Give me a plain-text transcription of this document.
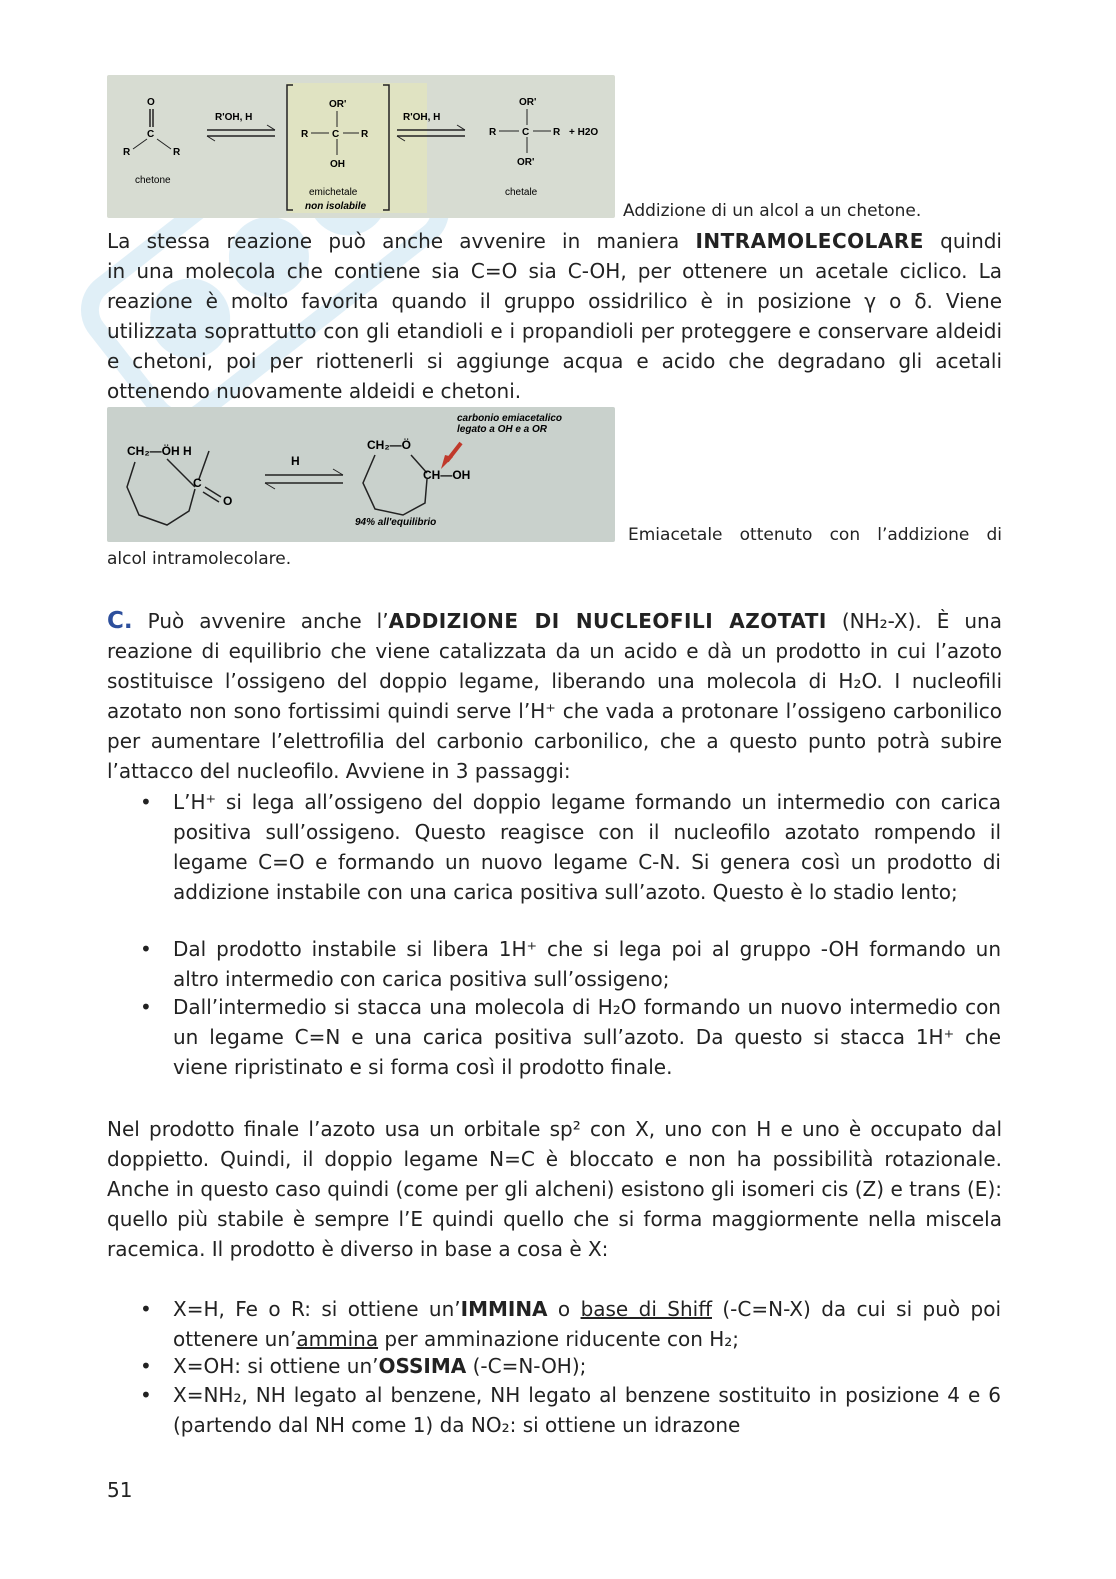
O
C
R	R
chetone
R'OH, H
OR'
C
R	R
OH
emichetale
non isolabile
R'OH, H
OR'
C
R	R
OR'
+ H2O
chetale
Addizione di un alcol a un chetone.
La stessa reazione può anche avvenire in maniera INTRAMOLECOLARE quindi
in una molecola che contiene sia C=O sia C-OH, per ottenere un acetale ciclico. La reazione è molto favorita quando il gruppo ossidrilico è in posizione γ o δ. Viene utilizzata soprattutto con gli etandioli e i propandioli per proteggere e conservare aldeidi e chetoni, poi per riottenerli si aggiunge acqua e acido che degradano gli acetali ottenendo nuovamente aldeidi e chetoni.
CH₂—ÖH H
C
O
H
CH₂—Ö
CH—OH
carbonio emiacetalico legato a OH e a OR
94% all'equilibrio
Emiacetale ottenuto con l’addizione di
alcol intramolecolare.
C. Può avvenire anche l’ADDIZIONE DI NUCLEOFILI AZOTATI (NH₂-X). È una
reazione di equilibrio che viene catalizzata da un acido e dà un prodotto in cui l’azoto sostituisce l’ossigeno del doppio legame, liberando una molecola di H₂O. I nucleofili azotato non sono fortissimi quindi serve l’H⁺ che vada a protonare l’ossigeno carbonilico per aumentare l’elettrofilia del carbonio carbonilico, che a questo punto potrà subire l’attacco del nucleofilo. Avviene in 3 passaggi:
• L’H⁺ si lega all’ossigeno del doppio legame formando un intermedio con carica positiva sull’ossigeno. Questo reagisce con il nucleofilo azotato rompendo il legame C=O e formando un nuovo legame C-N. Si genera così un prodotto di addizione instabile con una carica positiva sull’azoto. Questo è lo stadio lento;
• Dal prodotto instabile si libera 1H⁺ che si lega poi al gruppo -OH formando un altro intermedio con carica positiva sull’ossigeno;
• Dall’intermedio si stacca una molecola di H₂O formando un nuovo intermedio con un legame C=N e una carica positiva sull’azoto. Da questo si stacca 1H⁺ che viene ripristinato e si forma così il prodotto finale.
Nel prodotto finale l’azoto usa un orbitale sp² con X, uno con H e uno è occupato dal doppietto. Quindi, il doppio legame N=C è bloccato e non ha possibilità rotazionale. Anche in questo caso quindi (come per gli alcheni) esistono gli isomeri cis (Z) e trans (E): quello più stabile è sempre l’E quindi quello che si forma maggiormente nella miscela racemica. Il prodotto è diverso in base a cosa è X:
• X=H, Fe o R: si ottiene un’IMMINA o base di Shiff (-C=N-X) da cui si può poi ottenere un’ammina per amminazione riducente con H₂;
• X=OH: si ottiene un’OSSIMA (-C=N-OH);
• X=NH₂, NH legato al benzene, NH legato al benzene sostituito in posizione 4 e 6 (partendo dal NH come 1) da NO₂: si ottiene un idrazone
51
